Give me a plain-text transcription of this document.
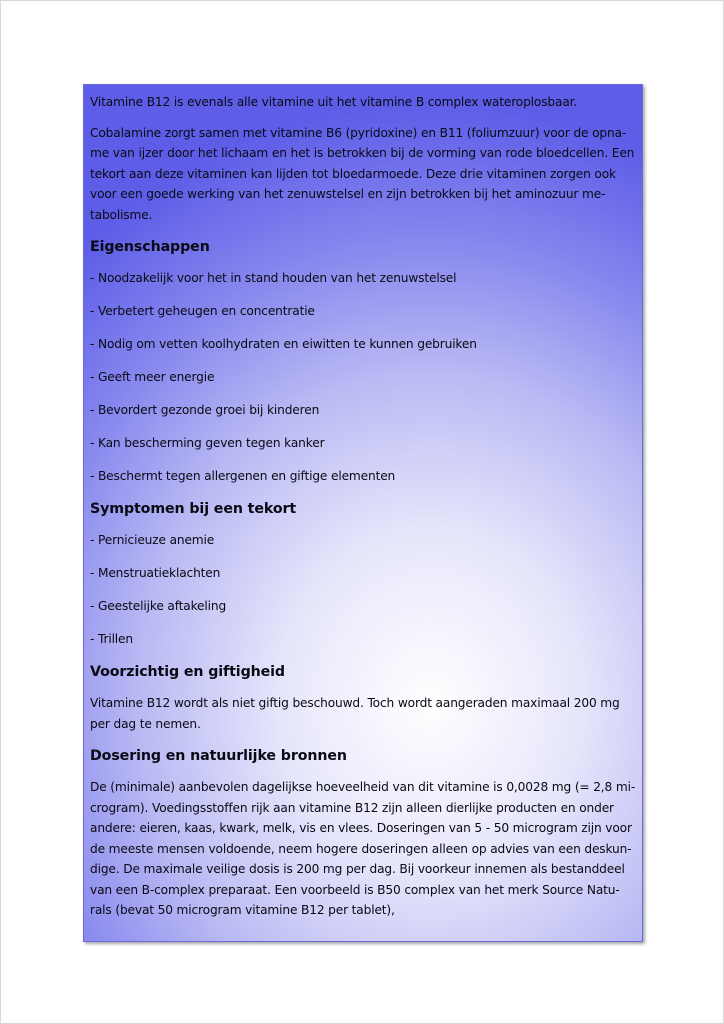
Vitamine B12 is evenals alle vitamine uit het vitamine B complex wateroplosbaar.

Cobalamine zorgt samen met vitamine B6 (pyridoxine) en B11 (foliumzuur) voor de opna-me van ijzer door het lichaam en het is betrokken bij de vorming van rode bloedcellen. Een tekort aan deze vitaminen kan lijden tot bloedarmoede. Deze drie vitaminen zorgen ook voor een goede werking van het zenuwstelsel en zijn betrokken bij het aminozuur me-tabolisme.

Eigenschappen

- Noodzakelijk voor het in stand houden van het zenuwstelsel

- Verbetert geheugen en concentratie

- Nodig om vetten koolhydraten en eiwitten te kunnen gebruiken

- Geeft meer energie

- Bevordert gezonde groei bij kinderen

- Kan bescherming geven tegen kanker

- Beschermt tegen allergenen en giftige elementen

Symptomen bij een tekort

- Pernicieuze anemie

- Menstruatieklachten

- Geestelijke aftakeling

- Trillen

Voorzichtig en giftigheid

Vitamine B12 wordt als niet giftig beschouwd. Toch wordt aangeraden maximaal 200 mg per dag te nemen.

Dosering en natuurlijke bronnen

De (minimale) aanbevolen dagelijkse hoeveelheid van dit vitamine is 0,0028 mg (= 2,8 mi-crogram). Voedingsstoffen rijk aan vitamine B12 zijn alleen dierlijke producten en onder andere: eieren, kaas, kwark, melk, vis en vlees. Doseringen van 5 - 50 microgram zijn voor de meeste mensen voldoende, neem hogere doseringen alleen op advies van een deskun-dige. De maximale veilige dosis is 200 mg per dag. Bij voorkeur innemen als bestanddeel van een B-complex preparaat. Een voorbeeld is B50 complex van het merk Source Natu-rals (bevat 50 microgram vitamine B12 per tablet),
